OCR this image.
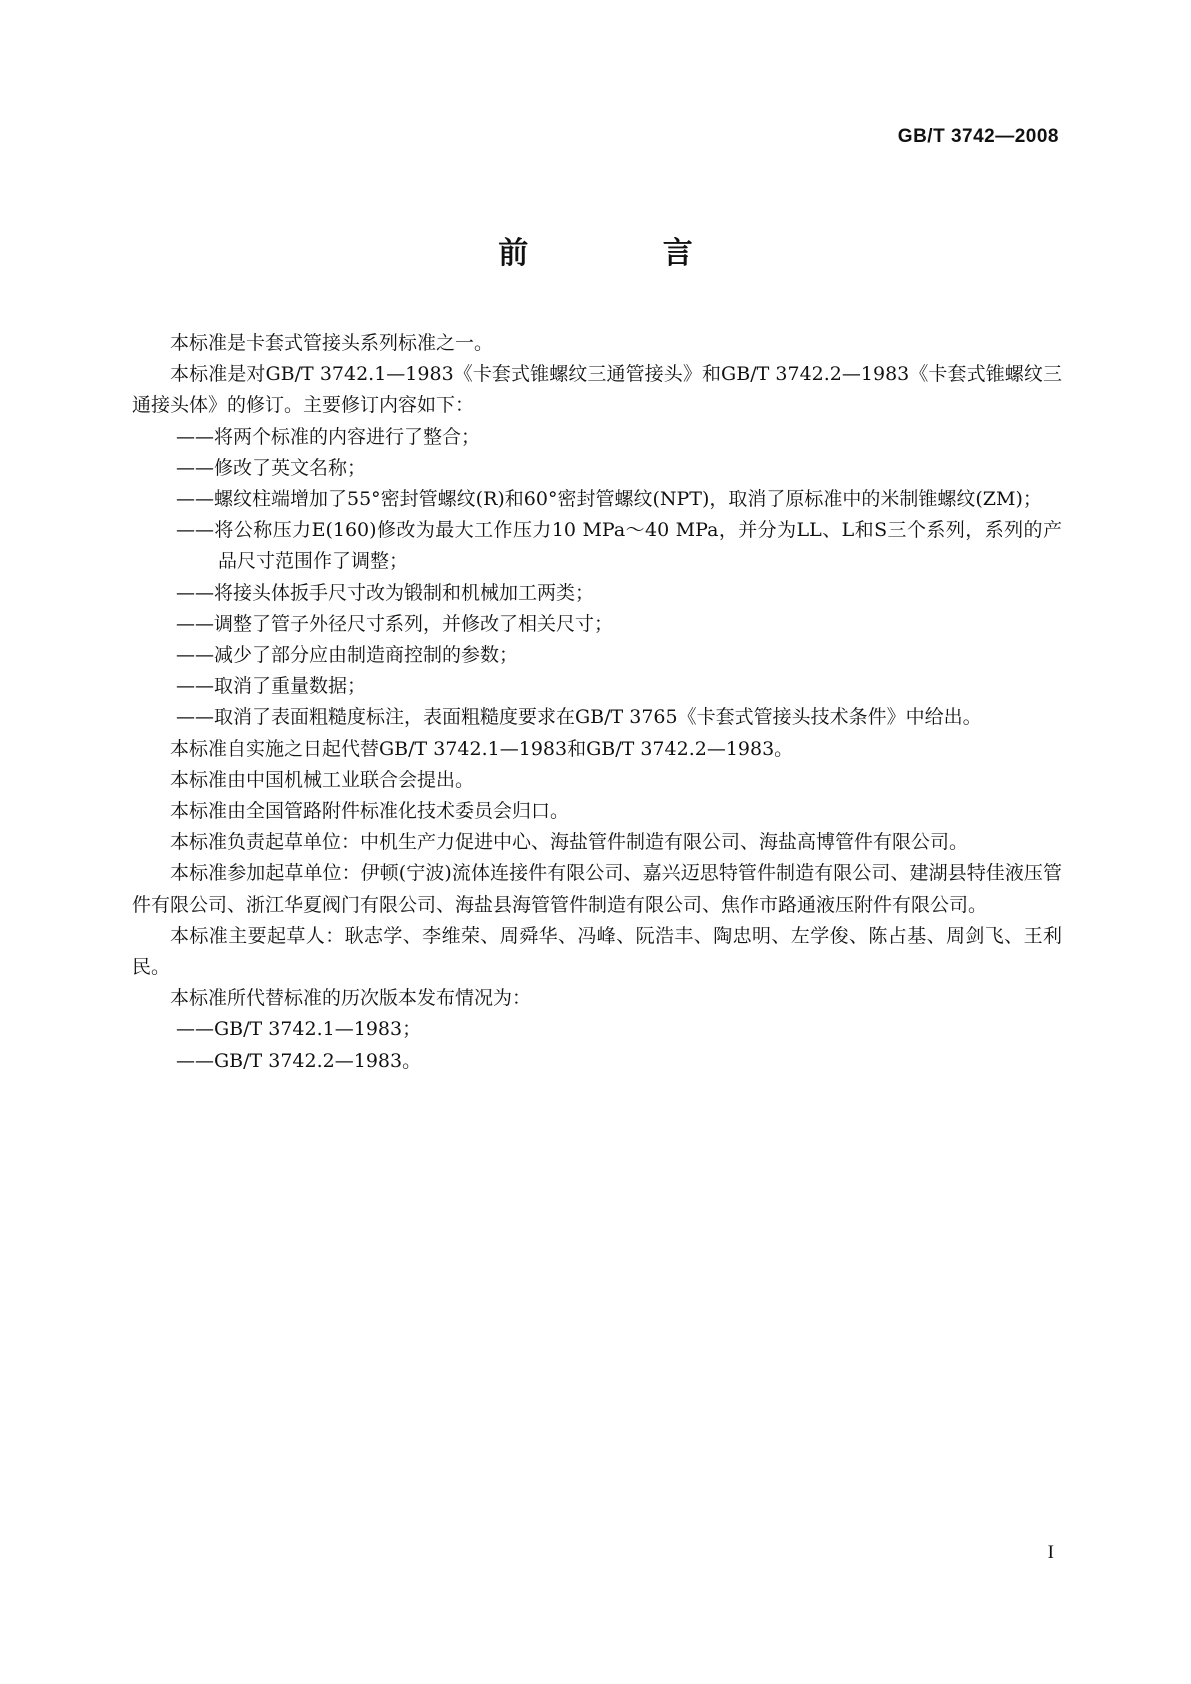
GB/T 3742—2008
前 言

本标准是卡套式管接头系列标准之一。

本标准是对GB/T 3742.1—1983《卡套式锥螺纹三通管接头》和GB/T 3742.2—1983《卡套式锥螺纹三通接头体》的修订。主要修订内容如下：

——将两个标准的内容进行了整合；

——修改了英文名称；

——螺纹柱端增加了55°密封管螺纹(R)和60°密封管螺纹(NPT)，取消了原标准中的米制锥螺纹(ZM)；

——将公称压力E(160)修改为最大工作压力10 MPa～40 MPa，并分为LL、L和S三个系列，系列的产品尺寸范围作了调整；

——将接头体扳手尺寸改为锻制和机械加工两类；

——调整了管子外径尺寸系列，并修改了相关尺寸；

——减少了部分应由制造商控制的参数；

——取消了重量数据；

——取消了表面粗糙度标注，表面粗糙度要求在GB/T 3765《卡套式管接头技术条件》中给出。

本标准自实施之日起代替GB/T 3742.1—1983和GB/T 3742.2—1983。

本标准由中国机械工业联合会提出。

本标准由全国管路附件标准化技术委员会归口。

本标准负责起草单位：中机生产力促进中心、海盐管件制造有限公司、海盐高博管件有限公司。

本标准参加起草单位：伊顿(宁波)流体连接件有限公司、嘉兴迈思特管件制造有限公司、建湖县特佳液压管件有限公司、浙江华夏阀门有限公司、海盐县海管管件制造有限公司、焦作市路通液压附件有限公司。

本标准主要起草人：耿志学、李维荣、周舜华、冯峰、阮浩丰、陶忠明、左学俊、陈占基、周剑飞、王利民。

本标准所代替标准的历次版本发布情况为：

——GB/T 3742.1—1983；

——GB/T 3742.2—1983。

I
